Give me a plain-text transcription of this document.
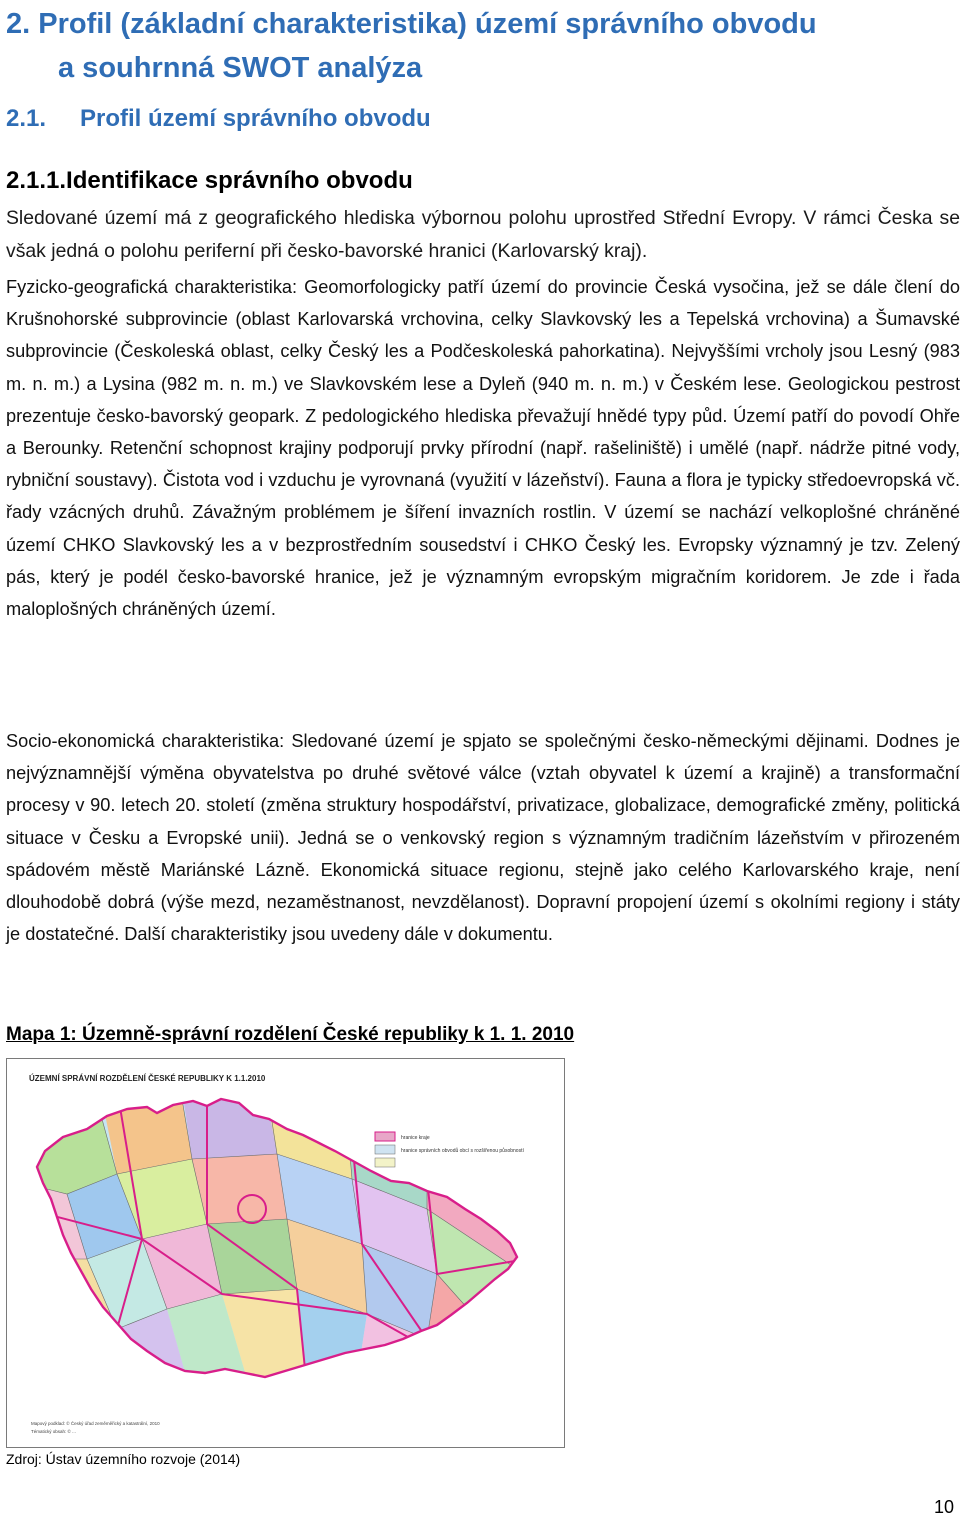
2. Profil (základní charakteristika) území správního obvodu
a souhrnná SWOT analýza
2.1. Profil území správního obvodu
2.1.1.Identifikace správního obvodu

Sledované území má z geografického hlediska výbornou polohu uprostřed Střední Evropy. V rámci Česka se však jedná o polohu periferní při česko-bavorské hranici (Karlovarský kraj).

Fyzicko-geografická charakteristika: Geomorfologicky patří území do provincie Česká vysočina, jež se dále člení do Krušnohorské subprovincie (oblast Karlovarská vrchovina, celky Slavkovský les a Tepelská vrchovina) a Šumavské subprovincie (Českoleská oblast, celky Český les a Podčeskoleská pahorkatina). Nejvyššími vrcholy jsou Lesný (983 m. n. m.) a Lysina (982 m. n. m.) ve Slavkovském lese a Dyleň (940 m. n. m.) v Českém lese. Geologickou pestrost prezentuje česko-bavorský geopark. Z pedologického hlediska převažují hnědé typy půd. Území patří do povodí Ohře a Berounky. Retenční schopnost krajiny podporují prvky přírodní (např. rašeliniště) i umělé (např. nádrže pitné vody, rybniční soustavy). Čistota vod i vzduchu je vyrovnaná (využití v lázeňství). Fauna a flora je typicky středoevropská vč. řady vzácných druhů. Závažným problémem je šíření invazních rostlin. V území se nachází velkoplošné chráněné území CHKO Slavkovský les a v bezprostředním sousedství i CHKO Český les. Evropsky významný je tzv. Zelený pás, který je podél česko-bavorské hranice, jež je významným evropským migračním koridorem. Je zde i řada maloplošných chráněných území.

Socio-ekonomická charakteristika: Sledované území je spjato se společnými česko-německými dějinami. Dodnes je nejvýznamnější výměna obyvatelstva po druhé světové válce (vztah obyvatel k území a krajině) a transformační procesy v 90. letech 20. století (změna struktury hospodářství, privatizace, globalizace, demografické změny, politická situace v Česku a Evropské unii). Jedná se o venkovský region s významným tradičním lázeňstvím v přirozeném spádovém městě Mariánské Lázně. Ekonomická situace regionu, stejně jako celého Karlovarského kraje, není dlouhodobě dobrá (výše mezd, nezaměstnanost, nevzdělanost). Dopravní propojení území s okolními regiony i státy je dostatečné. Další charakteristiky jsou uvedeny dále v dokumentu.

Mapa 1: Územně-správní rozdělení České republiky k 1. 1. 2010

ÚZEMNÍ SPRÁVNÍ ROZDĚLENÍ ČESKÉ REPUBLIKY K 1.1.2010
hranice kraje
hranice správních obvodů obcí s rozšířenou působností
Mapový podklad: © Český úřad zeměměřický a katastrální, 2010
Tématický obsah: © ...

Zdroj: Ústav územního rozvoje (2014)

10
